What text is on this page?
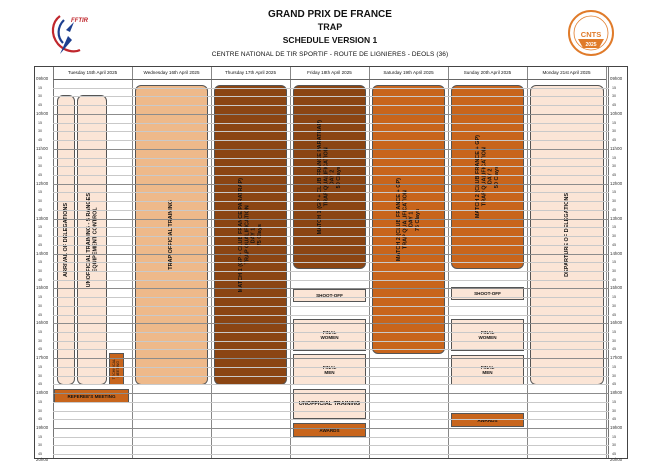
GRAND PRIX DE FRANCE
TRAP
SCHEDULE VERSION 1
CENTRE NATIONAL DE TIR SPORTIF - ROUTE DE LIGNIERES - DEOLS (36)
FFTIR
CNTS
2025
09h00
15
30
45
10h00
15
30
45
11h00
15
30
45
12h00
15
30
45
13h00
15
30
45
14h00
15
30
45
15h00
15
30
45
16h00
15
30
45
17h00
15
30
45
18h00
15
30
45
19h00
15
30
45
20h00
09h00
15
30
45
10h00
15
30
45
11h00
15
30
45
12h00
15
30
45
13h00
15
30
45
14h00
15
30
45
15h00
15
30
45
16h00
15
30
45
17h00
15
30
45
18h00
15
30
45
19h00
15
30
45
20h00
Tuesday 15th April 2025	Wednesday 16th April 2025	Thursday 17th April 2025	Friday 18th April 2025	Saturday 19th April 2025	Sunday 20th April 2025	Monday 21st April 2025
ARRIVAL OF DELEGATIONS	UNOFFICIAL TRAINING - 5 RANGES EQUIPEMENT CONTROL
TECHNICAL MEETING
REFEREE'S MEETING
TRAP OFFICIAL TRAINING	MATCH 1 (GP + CLUB FRANCE PARATRAP) TRAP QUALIFICATION DAY 1 75 Clays
MATCH 1 (GP + CLUB FRANCE PARATRAP) TRAP QUALIFICATION DAY 2 50 Clays
SHOOT-OFF
FINAL
WOMEN
FINAL
MEN
UNOFFICIAL TRAINING
AWARDS
MATCH 2 (CLUB FRANCE + GP) TRAP QUALIFICATION DAY 1 75 Clays
MATCH 2 (CLUB FRANCE + GP) TRAP QUALIFICATION DAY 2 50 Clays
SHOOT-OFF
FINAL
WOMEN
FINAL
MEN
AWARDS
DEPARTURE OF DELEGATIONS
